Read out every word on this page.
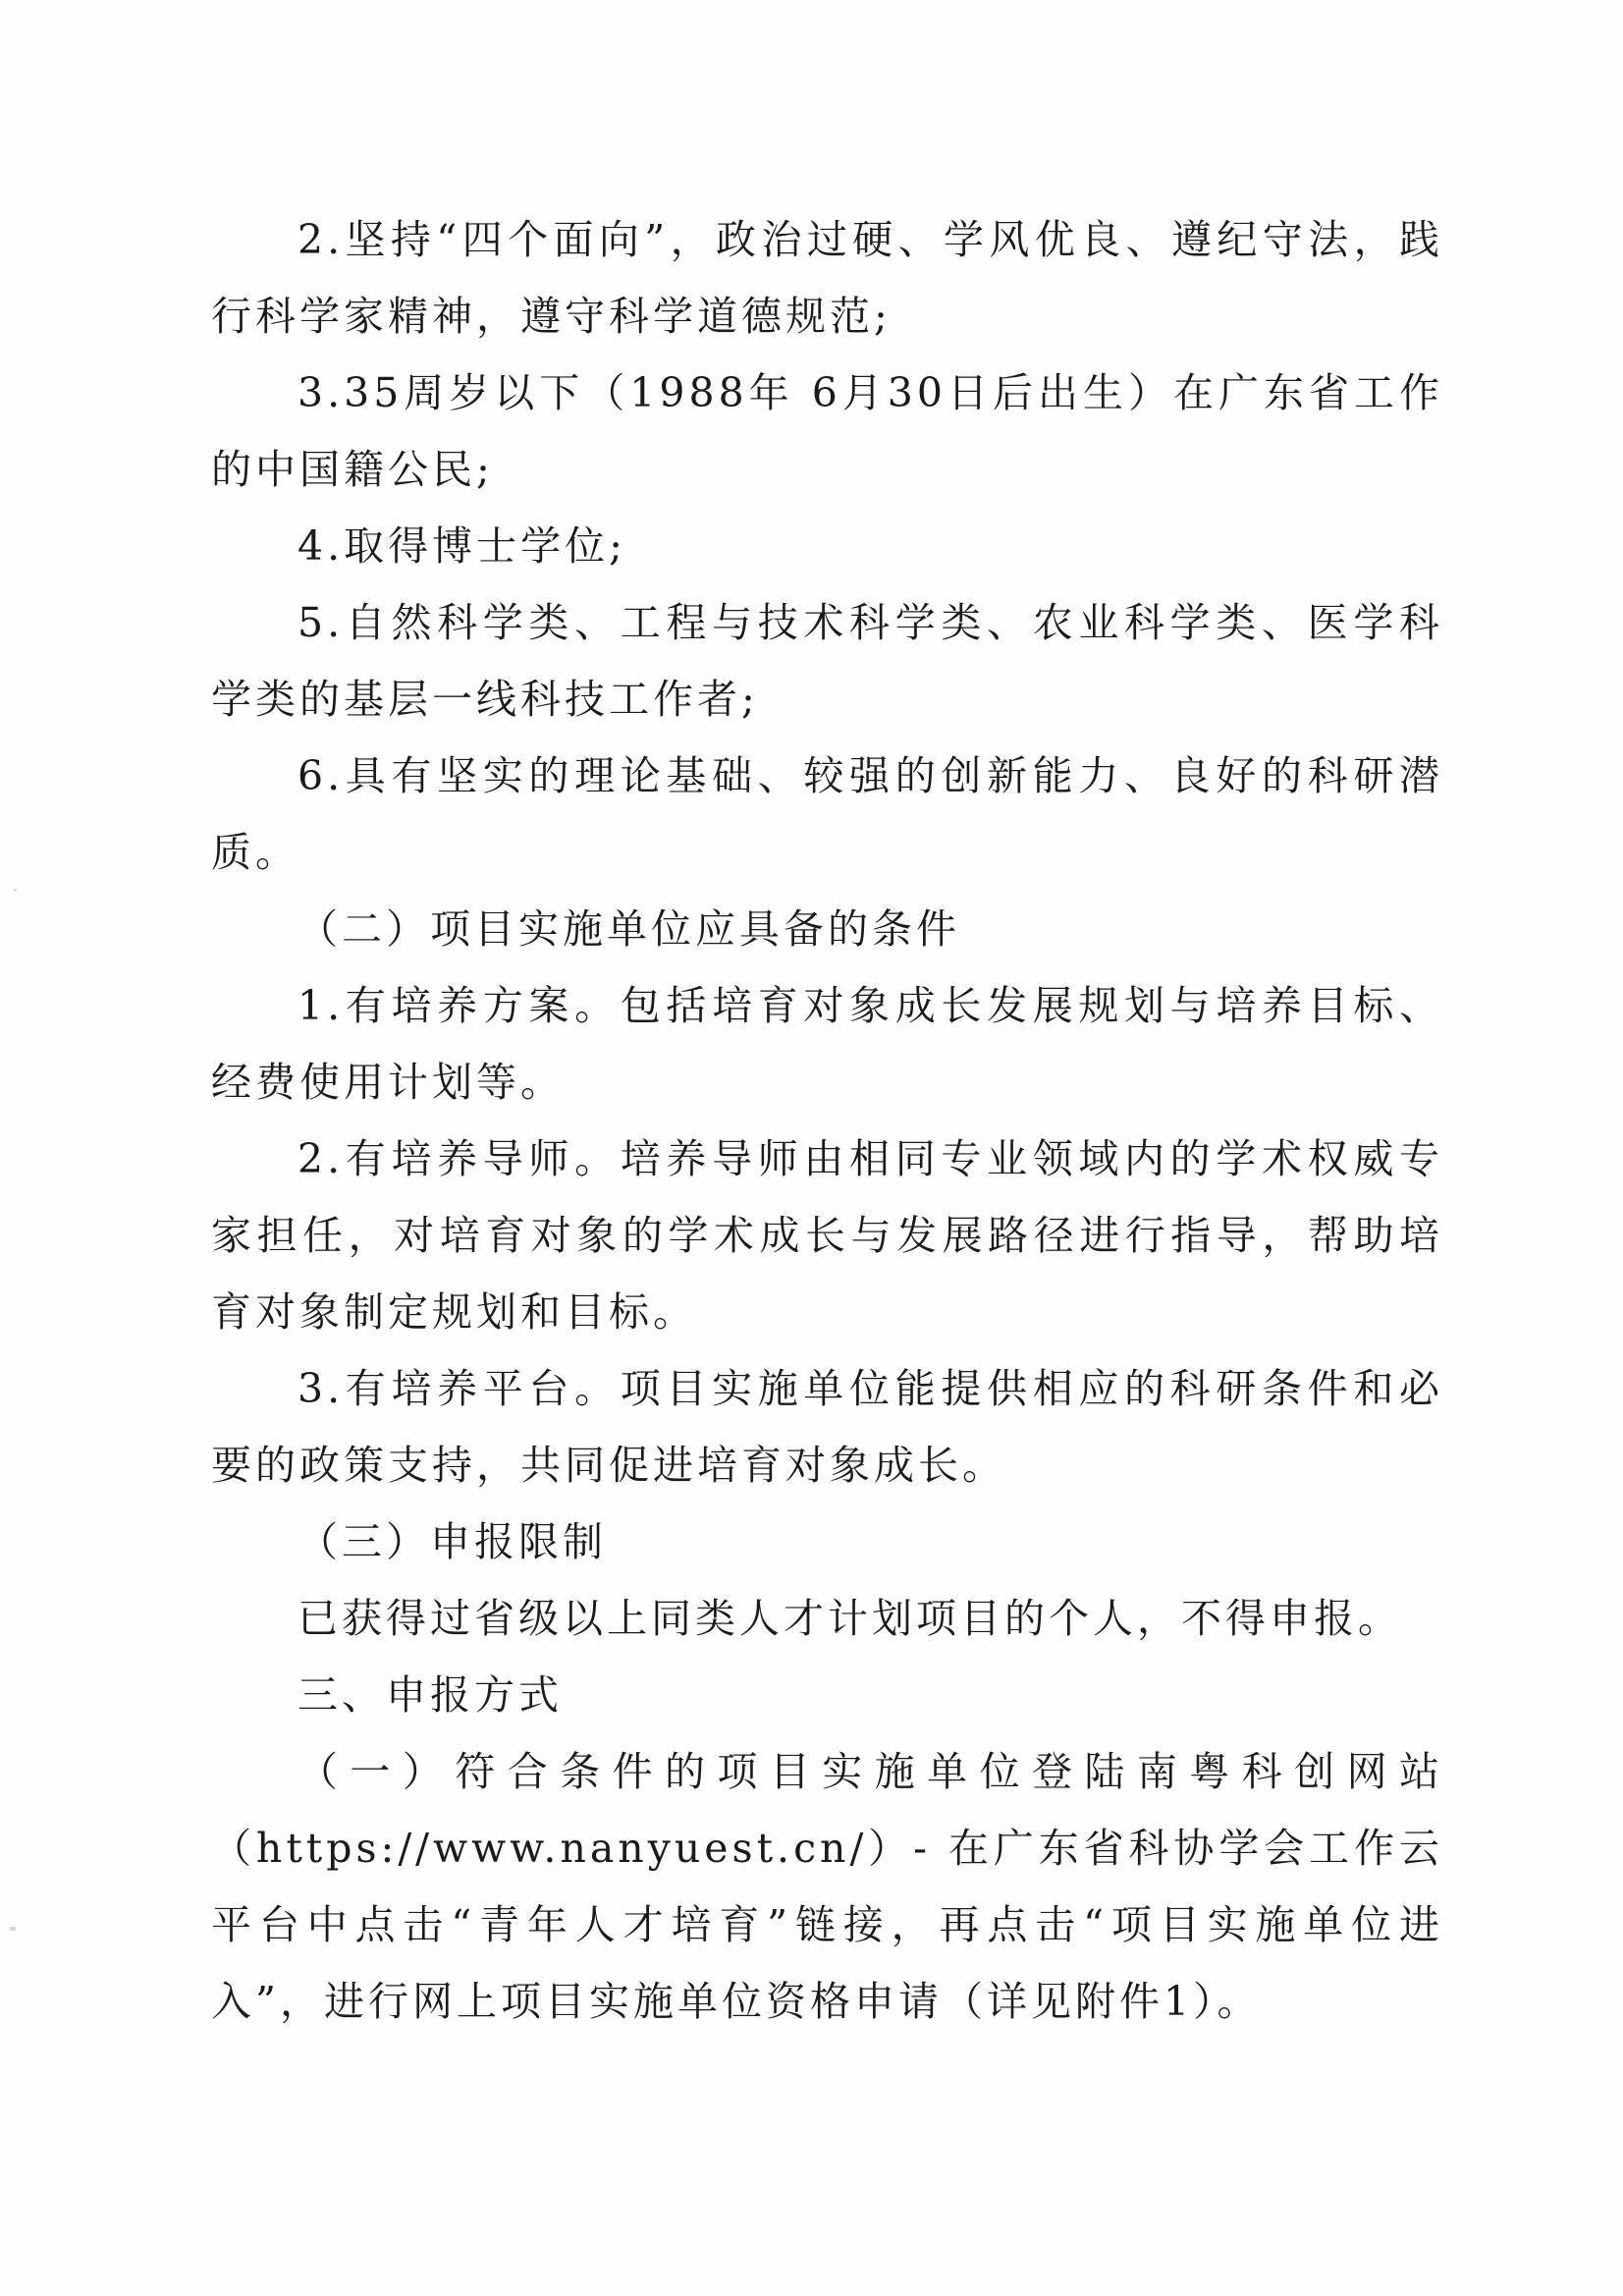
2.坚持“四个面向”，政治过硬、学风优良、遵纪守法，践行科学家精神，遵守科学道德规范;

3.35周岁以下（1988年 6月30日后出生）在广东省工作的中国籍公民;

4.取得博士学位;

5.自然科学类、工程与技术科学类、农业科学类、医学科学类的基层一线科技工作者;

6.具有坚实的理论基础、较强的创新能力、良好的科研潜质。

（二）项目实施单位应具备的条件

1.有培养方案。包括培育对象成长发展规划与培养目标、经费使用计划等。

2.有培养导师。培养导师由相同专业领域内的学术权威专家担任，对培育对象的学术成长与发展路径进行指导，帮助培育对象制定规划和目标。

3.有培养平台。项目实施单位能提供相应的科研条件和必要的政策支持，共同促进培育对象成长。

（三）申报限制

已获得过省级以上同类人才计划项目的个人，不得申报。

三、申报方式

（一）符合条件的项目实施单位登陆南粤科创网站（https://www.nanyuest.cn/）- 在广东省科协学会工作云平台中点击“青年人才培育”链接，再点击“项目实施单位进入”，进行网上项目实施单位资格申请（详见附件1）。
